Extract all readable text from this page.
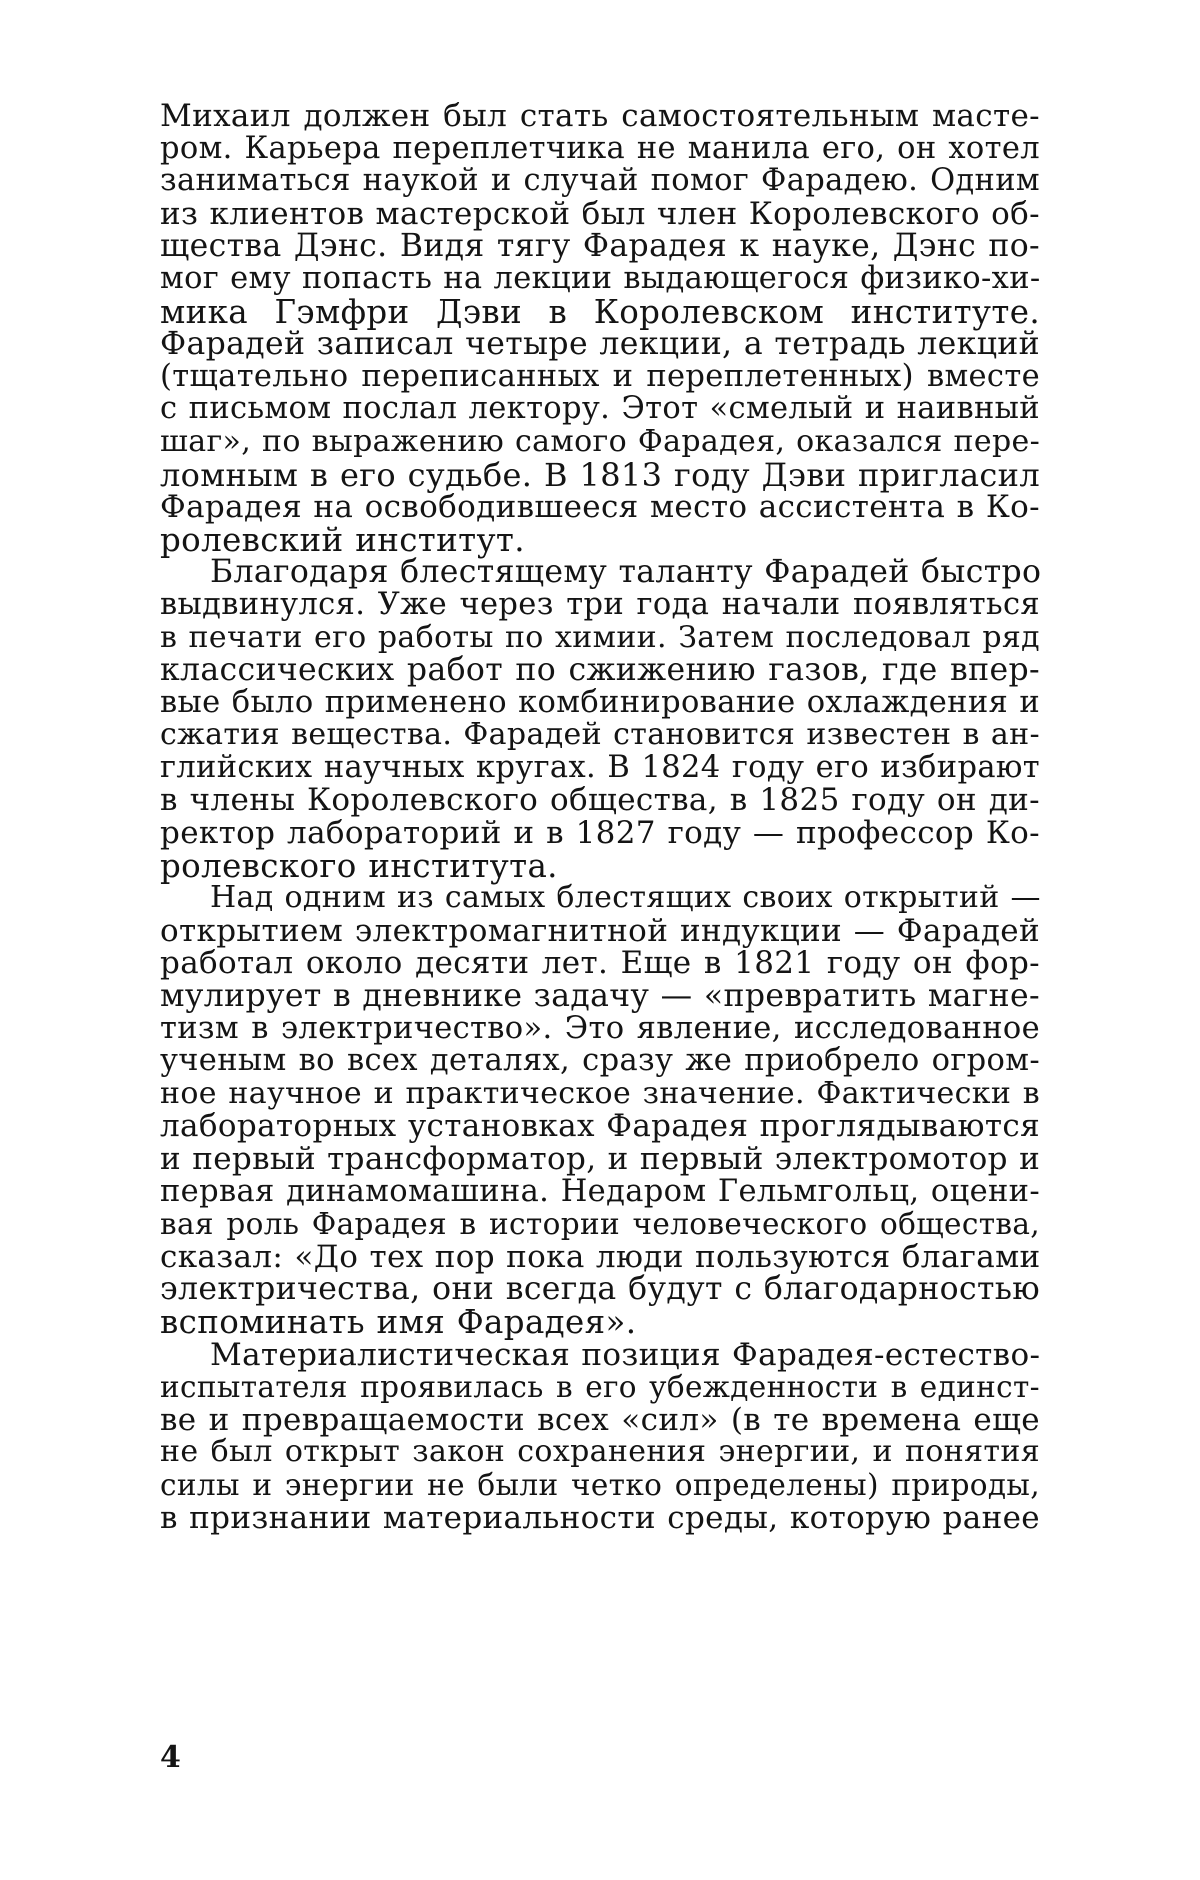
Михаил должен был стать самостоятельным масте-
ром. Карьера переплетчика не манила его, он хотел
заниматься наукой и случай помог Фарадею. Одним
из клиентов мастерской был член Королевского об-
щества Дэнс. Видя тягу Фарадея к науке, Дэнс по-
мог ему попасть на лекции выдающегося физико-хи-
мика Гэмфри Дэви в Королевском институте.
Фарадей записал четыре лекции, а тетрадь лекций
(тщательно переписанных и переплетенных) вместе
с письмом послал лектору. Этот «смелый и наивный
шаг», по выражению самого Фарадея, оказался пере-
ломным в его судьбе. В 1813 году Дэви пригласил
Фарадея на освободившееся место ассистента в Ко-
ролевский институт.

Благодаря блестящему таланту Фарадей быстро
выдвинулся. Уже через три года начали появляться
в печати его работы по химии. Затем последовал ряд
классических работ по сжижению газов, где впер-
вые было применено комбинирование охлаждения и
сжатия вещества. Фарадей становится известен в ан-
глийских научных кругах. В 1824 году его избирают
в члены Королевского общества, в 1825 году он ди-
ректор лабораторий и в 1827 году — профессор Ко-
ролевского института.

Над одним из самых блестящих своих открытий —
открытием электромагнитной индукции — Фарадей
работал около десяти лет. Еще в 1821 году он фор-
мулирует в дневнике задачу — «превратить магне-
тизм в электричество». Это явление, исследованное
ученым во всех деталях, сразу же приобрело огром-
ное научное и практическое значение. Фактически в
лабораторных установках Фарадея проглядываются
и первый трансформатор, и первый электромотор и
первая динамомашина. Недаром Гельмгольц, оцени-
вая роль Фарадея в истории человеческого общества,
сказал: «До тех пор пока люди пользуются благами
электричества, они всегда будут с благодарностью
вспоминать имя Фарадея».

Материалистическая позиция Фарадея-естество-
испытателя проявилась в его убежденности в единст-
ве и превращаемости всех «сил» (в те времена еще
не был открыт закон сохранения энергии, и понятия
силы и энергии не были четко определены) природы,
в признании материальности среды, которую ранее

4
